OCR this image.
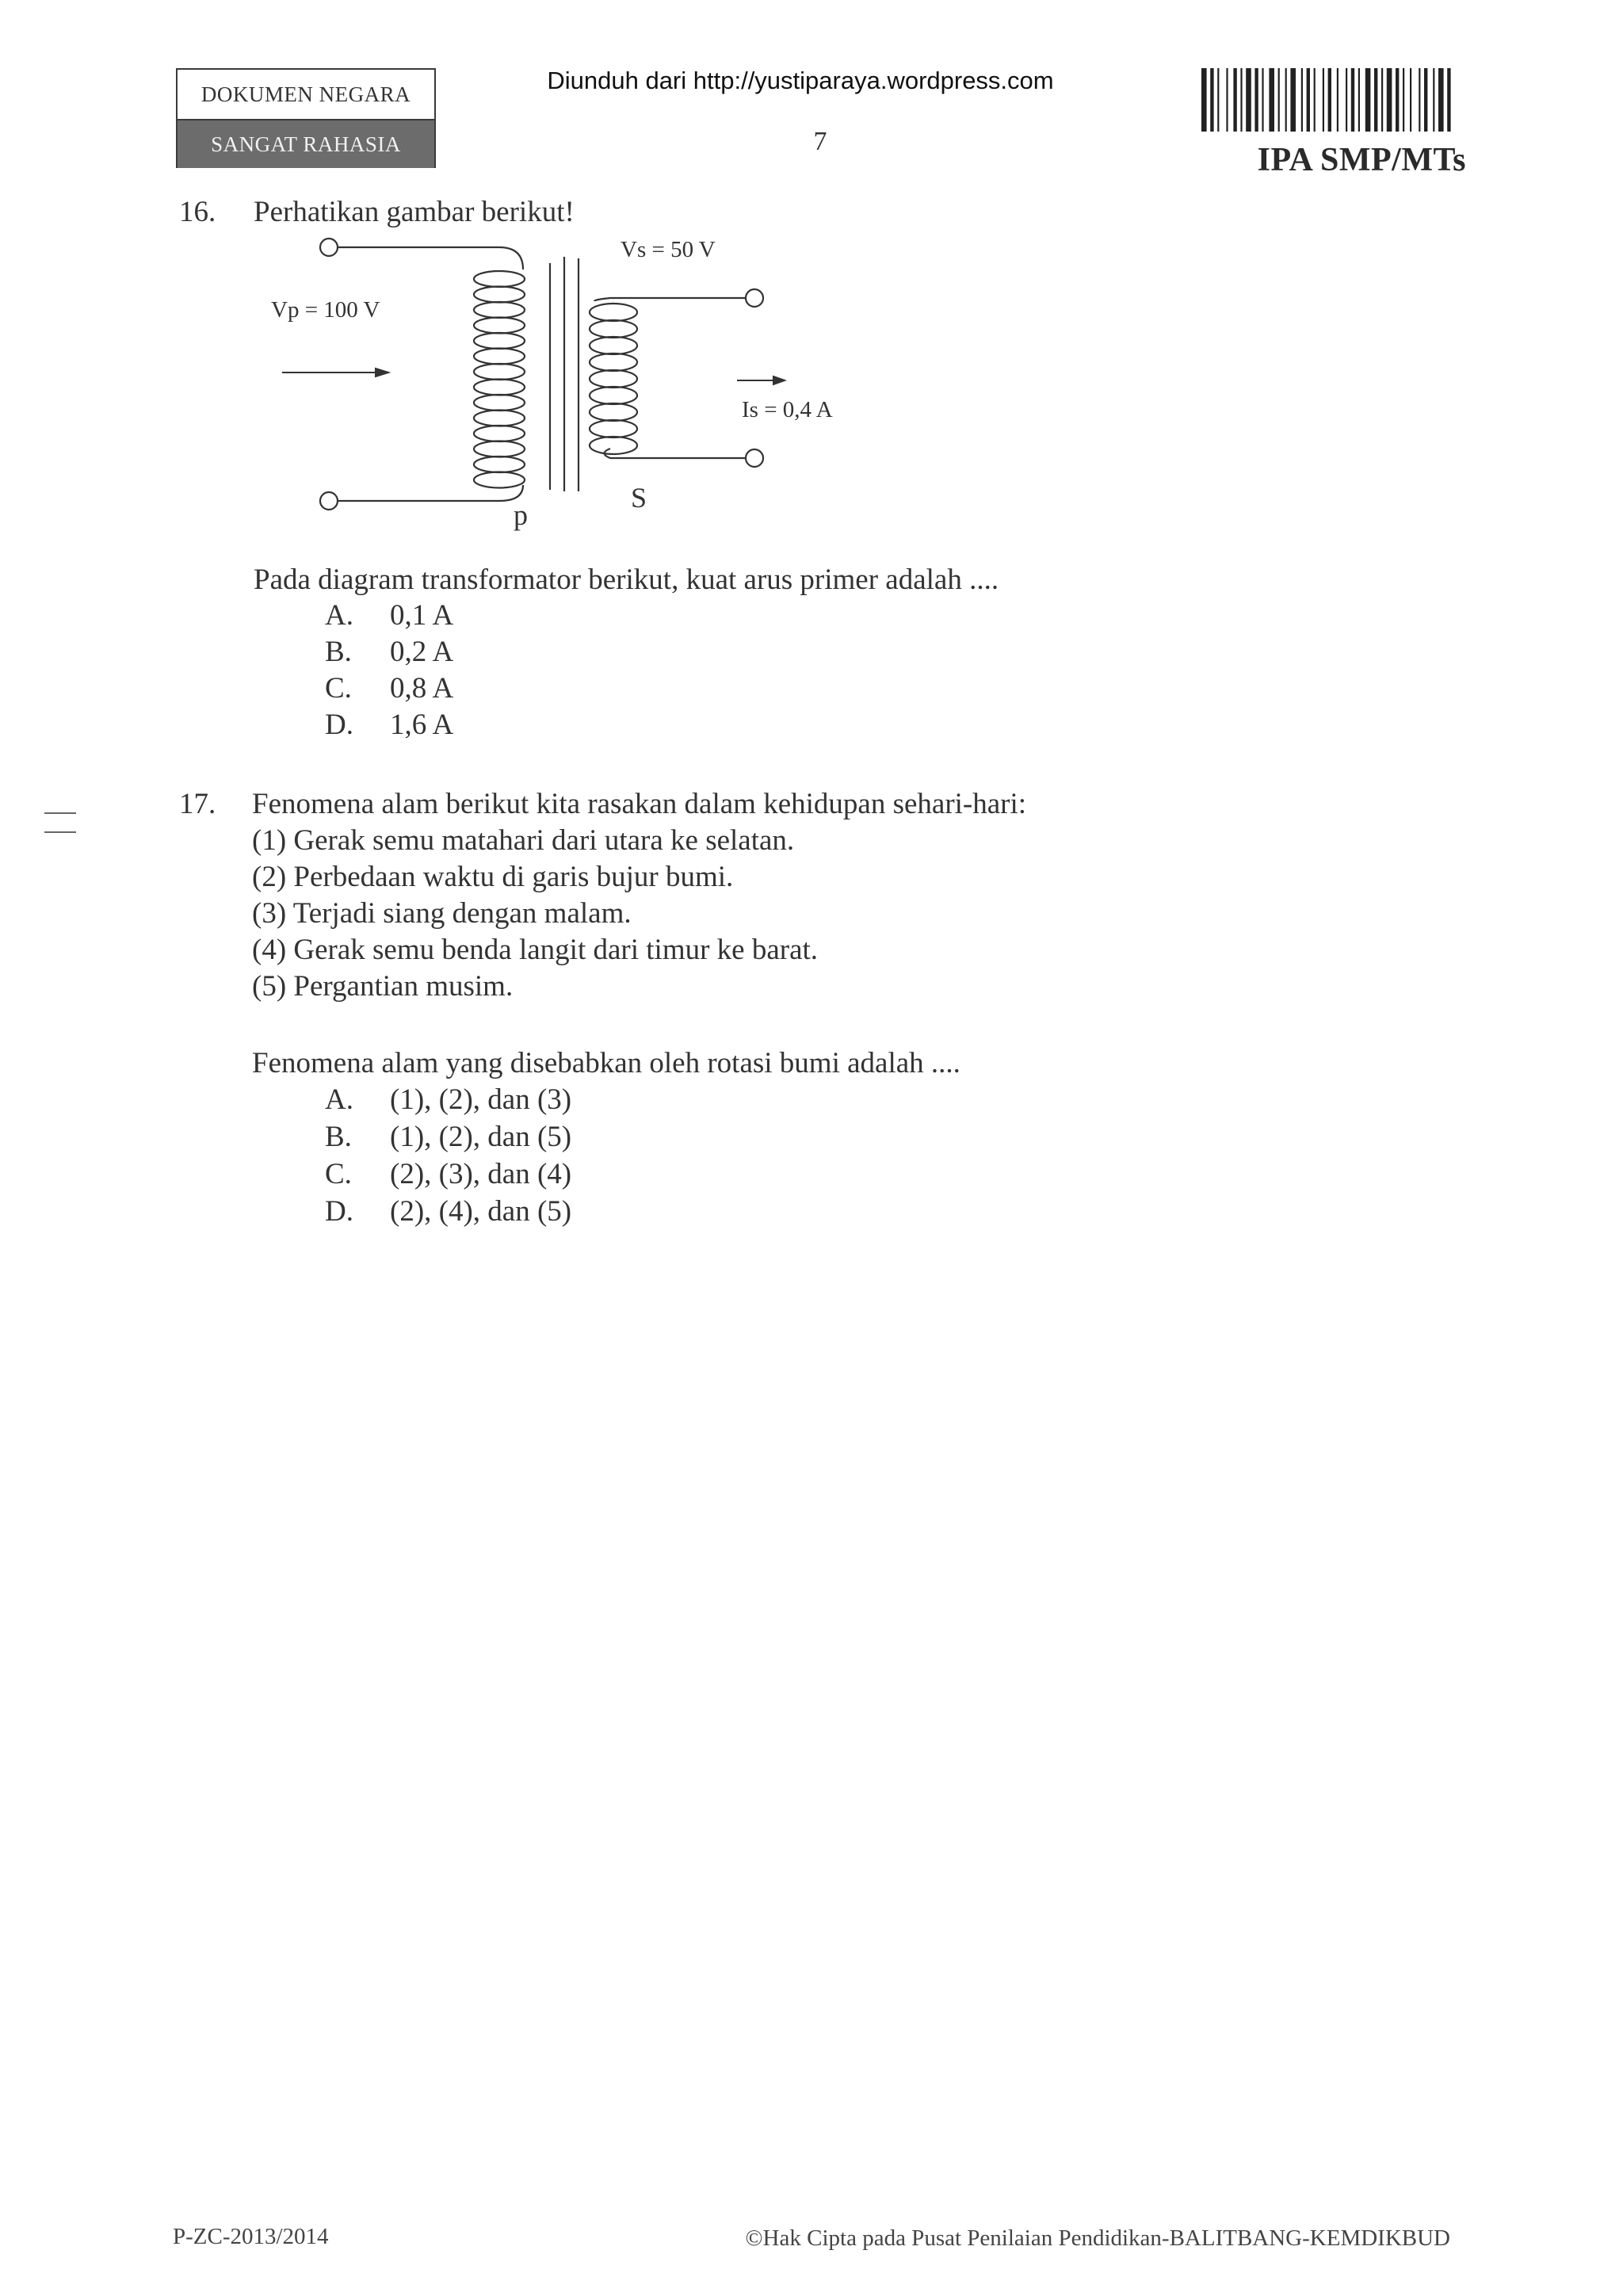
DOKUMEN NEGARA
SANGAT RAHASIA
Diunduh dari http://yustiparaya.wordpress.com
7
IPA SMP/MTs
16. Perhatikan gambar berikut!
Vp = 100 V
Vs = 50 V
Is = 0,4 A
p
S
Pada diagram transformator berikut, kuat arus primer adalah ....
A. 0,1 A
B. 0,2 A
C. 0,8 A
D. 1,6 A
17. Fenomena alam berikut kita rasakan dalam kehidupan sehari-hari:
(1) Gerak semu matahari dari utara ke selatan.
(2) Perbedaan waktu di garis bujur bumi.
(3) Terjadi siang dengan malam.
(4) Gerak semu benda langit dari timur ke barat.
(5) Pergantian musim.
Fenomena alam yang disebabkan oleh rotasi bumi adalah ....
A. (1), (2), dan (3)
B. (1), (2), dan (5)
C. (2), (3), dan (4)
D. (2), (4), dan (5)
P-ZC-2013/2014	©Hak Cipta pada Pusat Penilaian Pendidikan-BALITBANG-KEMDIKBUD
